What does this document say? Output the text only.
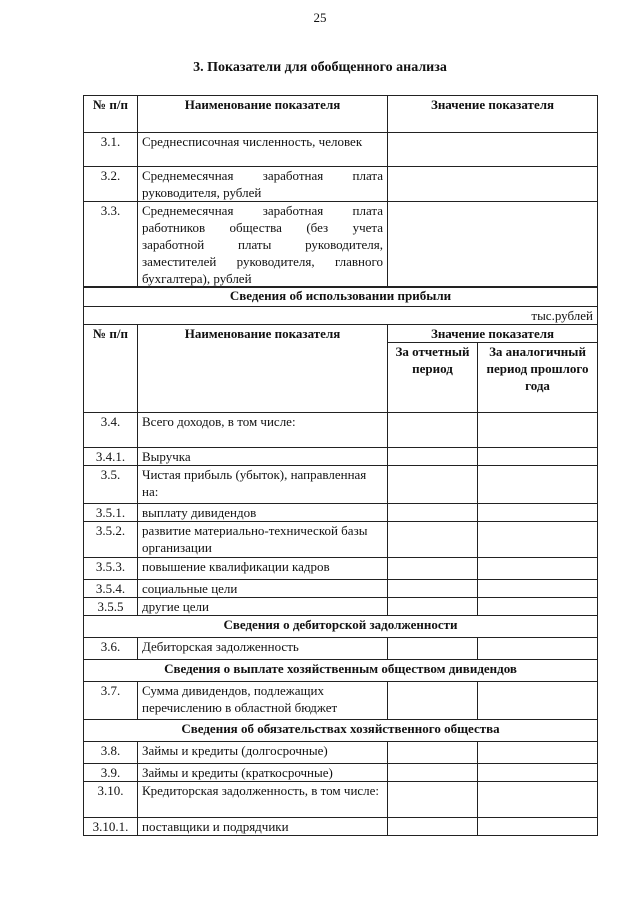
25
3. Показатели для обобщенного анализа
№ п/п	Наименование показателя	Значение показателя
3.1.	Среднесписочная численность, человек	
3.2.	Среднемесячная заработная плата руководителя, рублей	
3.3.	Среднемесячная заработная плата работников общества (без учета заработной платы руководителя, заместителей руководителя, главного бухгалтера), рублей	
Сведения об использовании прибыли			
тыс.рублей			
№ п/п	Наименование показателя	Значение показателя	
		За отчетный период	За аналогичный период прошлого года
3.4.	Всего доходов, в том числе:		
3.4.1.	Выручка		
3.5.	Чистая прибыль (убыток), направленная на:		
3.5.1.	выплату дивидендов		
3.5.2.	развитие материально-технической базы организации		
3.5.3.	повышение квалификации кадров		
3.5.4.	социальные цели		
3.5.5	другие цели		
Сведения о дебиторской задолженности			
3.6.	Дебиторская задолженность		
Сведения о выплате хозяйственным обществом дивидендов			
3.7.	Сумма дивидендов, подлежащих перечислению в областной бюджет		
Сведения об обязательствах хозяйственного общества			
3.8.	Займы и кредиты (долгосрочные)		
3.9.	Займы и кредиты (краткосрочные)		
3.10.	Кредиторская задолженность, в том числе:		
3.10.1.	поставщики и подрядчики		
